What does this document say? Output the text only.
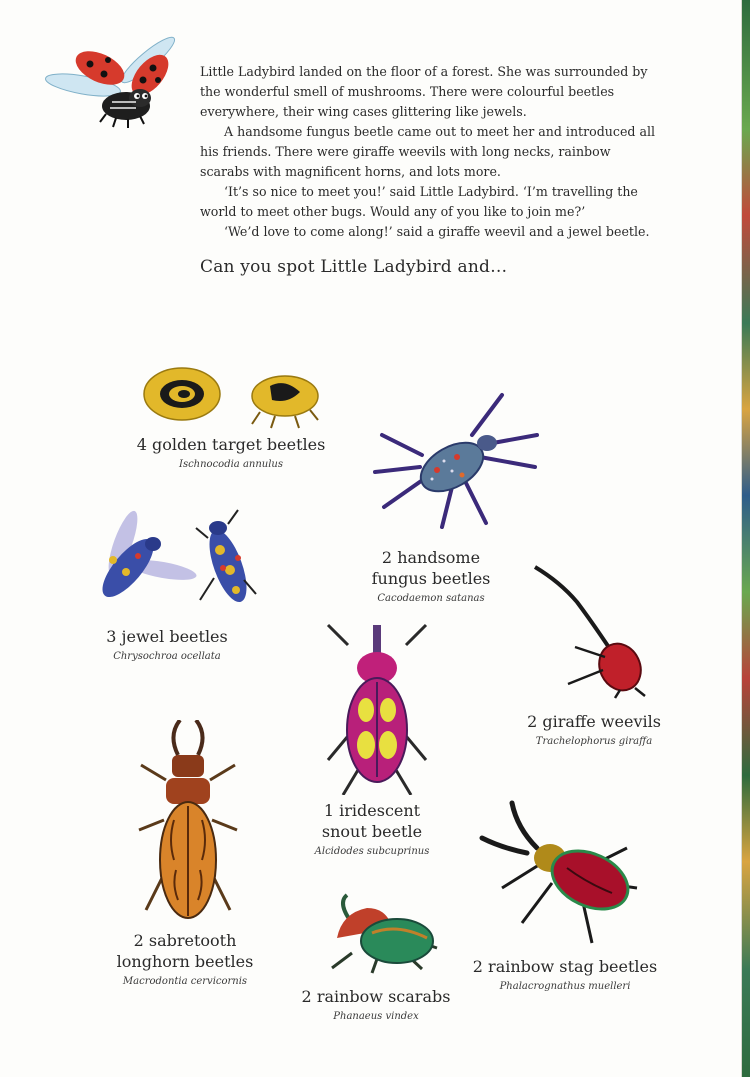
Little Ladybird landed on the floor of a forest. She was surrounded by the wonderful smell of mushrooms. There were colourful beetles everywhere, their wing cases glittering like jewels.

A handsome fungus beetle came out to meet her and introduced all his friends. There were giraffe weevils with long necks, rainbow scarabs with magnificent horns, and lots more.

‘It’s so nice to meet you!’ said Little Ladybird. ‘I’m travelling the world to meet other bugs. Would any of you like to join me?’

‘We’d love to come along!’ said a giraffe weevil and a jewel beetle.

Can you spot Little Ladybird and…
4 golden target beetles
Ischnocodia annulus
2 handsome
fungus beetles
Cacodaemon satanas
3 jewel beetles
Chrysochroa ocellata
2 giraffe weevils
Trachelophorus giraffa
1 iridescent
snout beetle
Alcidodes subcuprinus
2 sabretooth
longhorn beetles
Macrodontia cervicornis
2 rainbow stag beetles
Phalacrognathus muelleri
2 rainbow scarabs
Phanaeus vindex
